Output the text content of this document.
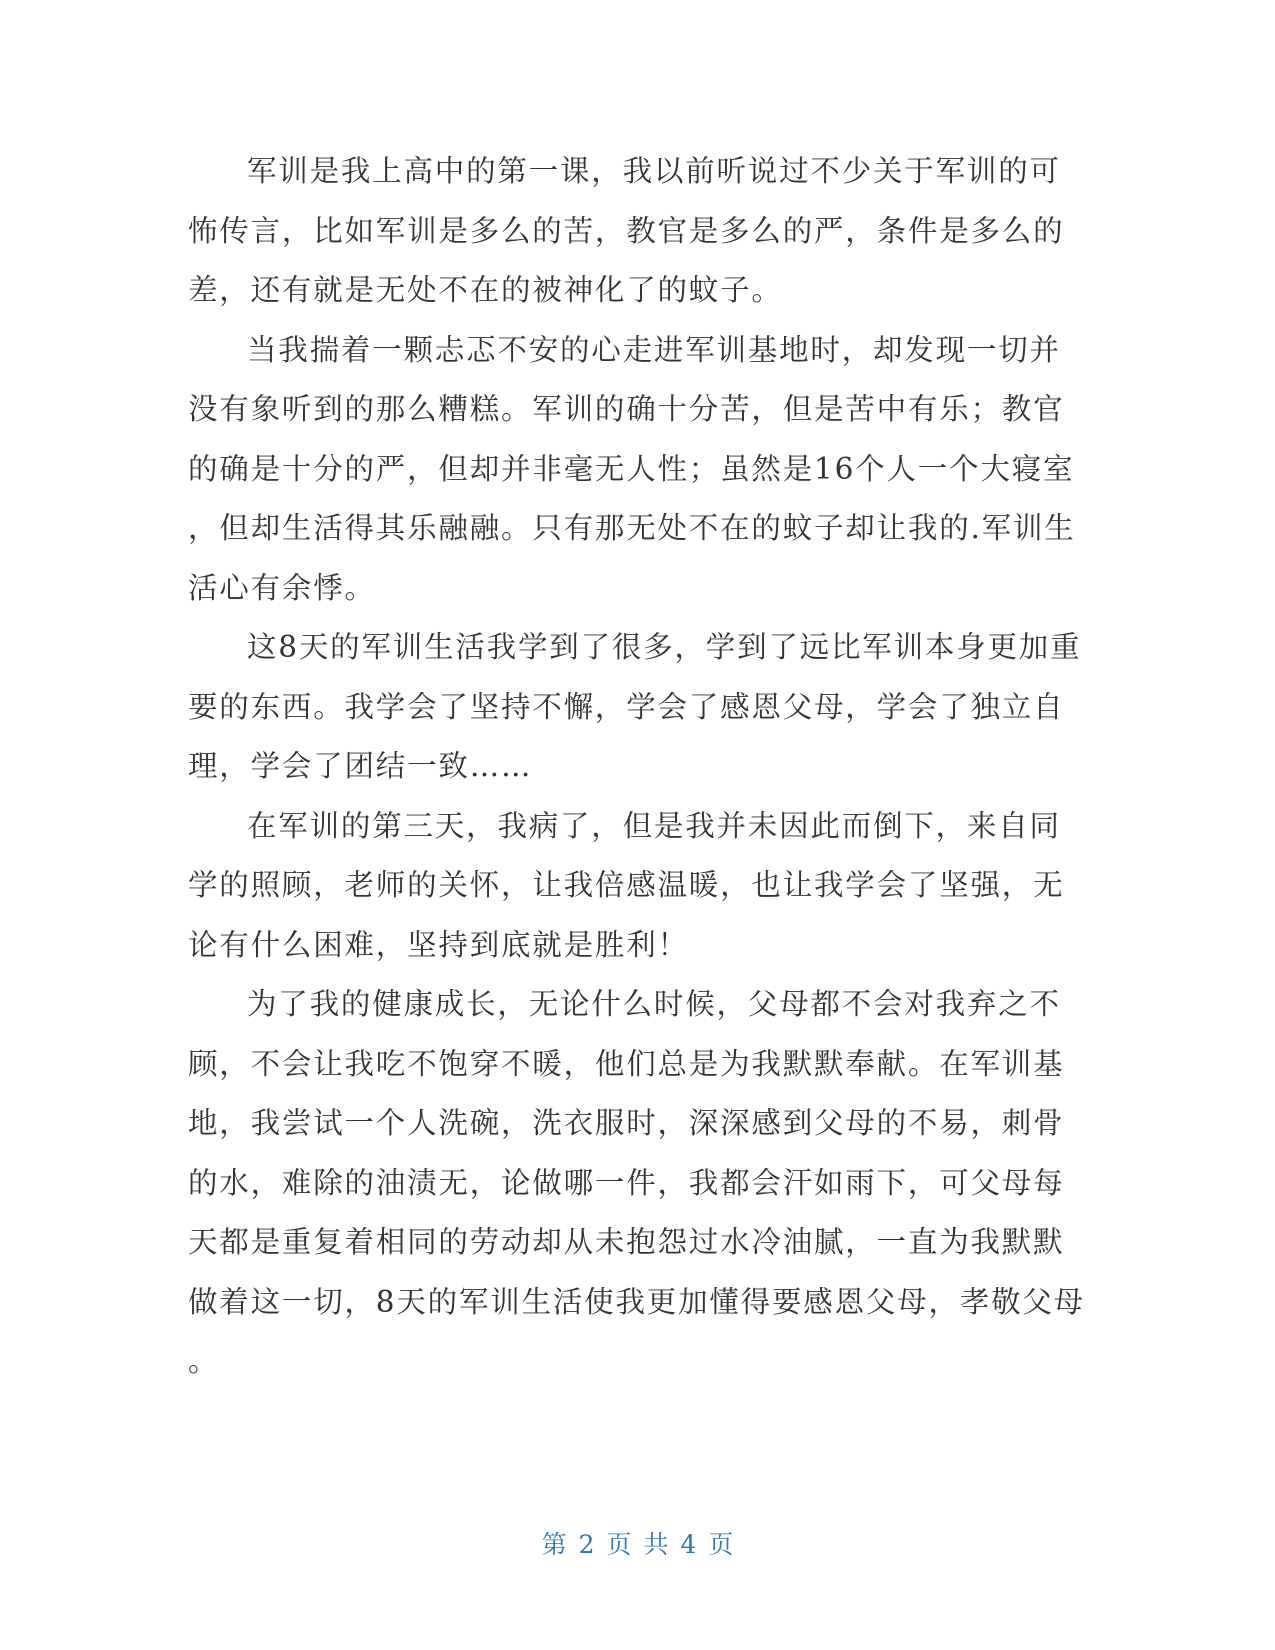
军训是我上高中的第一课，我以前听说过不少关于军训的可
怖传言，比如军训是多么的苦，教官是多么的严，条件是多么的
差，还有就是无处不在的被神化了的蚊子。

当我揣着一颗忐忑不安的心走进军训基地时，却发现一切并
没有象听到的那么糟糕。军训的确十分苦，但是苦中有乐；教官
的确是十分的严，但却并非毫无人性；虽然是16个人一个大寝室
，但却生活得其乐融融。只有那无处不在的蚊子却让我的.军训生
活心有余悸。

这8天的军训生活我学到了很多，学到了远比军训本身更加重
要的东西。我学会了坚持不懈，学会了感恩父母，学会了独立自
理，学会了团结一致……

在军训的第三天，我病了，但是我并未因此而倒下，来自同
学的照顾，老师的关怀，让我倍感温暖，也让我学会了坚强，无
论有什么困难，坚持到底就是胜利！

为了我的健康成长，无论什么时候，父母都不会对我弃之不
顾，不会让我吃不饱穿不暖，他们总是为我默默奉献。在军训基
地，我尝试一个人洗碗，洗衣服时，深深感到父母的不易，刺骨
的水，难除的油渍无，论做哪一件，我都会汗如雨下，可父母每
天都是重复着相同的劳动却从未抱怨过水冷油腻，一直为我默默
做着这一切，8天的军训生活使我更加懂得要感恩父母，孝敬父母
。

第 2 页 共 4 页
